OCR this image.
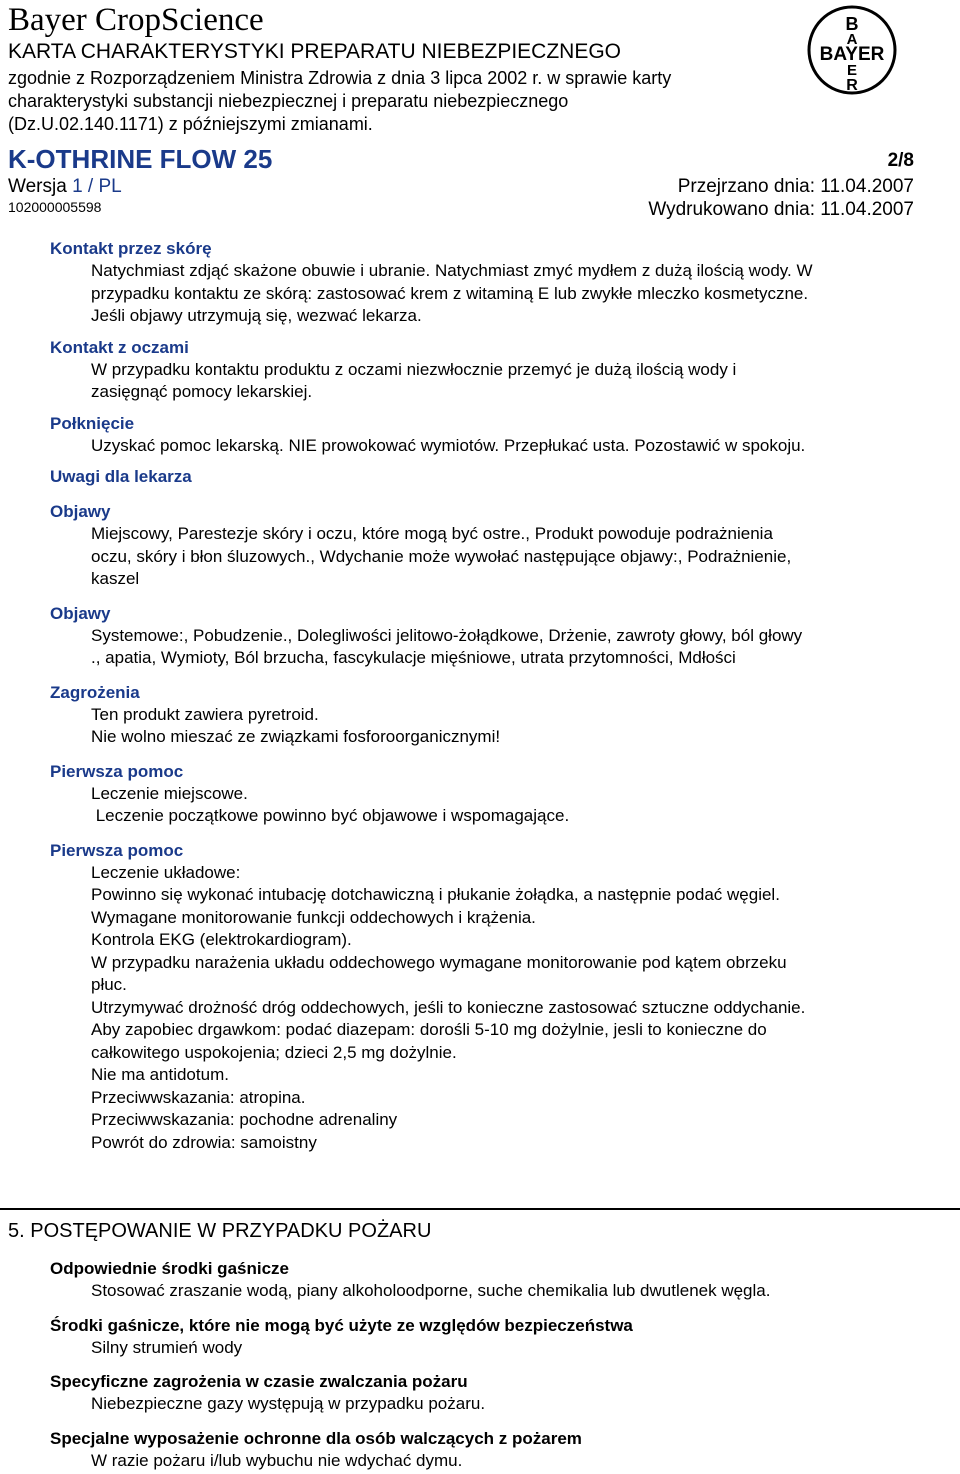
Bayer CropScience
KARTA CHARAKTERYSTYKI PREPARATU NIEBEZPIECZNEGO
zgodnie z Rozporządzeniem Ministra Zdrowia z dnia 3 lipca 2002 r. w sprawie karty
charakterystyki substancji niebezpiecznej i preparatu niebezpiecznego
(Dz.U.02.140.1171) z późniejszymi zmianami.
K-OTHRINE FLOW 25	2/8
Wersja 1 / PL
102000005598
Przejrzano dnia: 11.04.2007
Wydrukowano dnia: 11.04.2007
B
A
BAYER
E
R
Kontakt przez skórę
Natychmiast zdjąć skażone obuwie i ubranie. Natychmiast zmyć mydłem z dużą ilością wody. W
przypadku kontaktu ze skórą: zastosować krem z witaminą E lub zwykłe mleczko kosmetyczne.
Jeśli objawy utrzymują się, wezwać lekarza.
Kontakt z oczami
W przypadku kontaktu produktu z oczami niezwłocznie przemyć je dużą ilością wody i
zasięgnąć pomocy lekarskiej.
Połknięcie
Uzyskać pomoc lekarską. NIE prowokować wymiotów. Przepłukać usta. Pozostawić w spokoju.
Uwagi dla lekarza
Objawy
Miejscowy, Parestezje skóry i oczu, które mogą być ostre., Produkt powoduje podrażnienia
oczu, skóry i błon śluzowych., Wdychanie może wywołać następujące objawy:, Podrażnienie,
kaszel
Objawy
Systemowe:, Pobudzenie., Dolegliwości jelitowo-żołądkowe, Drżenie, zawroty głowy, ból głowy
., apatia, Wymioty, Ból brzucha, fascykulacje mięśniowe, utrata przytomności, Mdłości
Zagrożenia
Ten produkt zawiera pyretroid.
Nie wolno mieszać ze związkami fosforoorganicznymi!
Pierwsza pomoc
Leczenie miejscowe.
Leczenie początkowe powinno być objawowe i wspomagające.
Pierwsza pomoc
Leczenie układowe:
Powinno się wykonać intubację dotchawiczną i płukanie żołądka, a następnie podać węgiel.
Wymagane monitorowanie funkcji oddechowych i krążenia.
Kontrola EKG (elektrokardiogram).
W przypadku narażenia układu oddechowego wymagane monitorowanie pod kątem obrzeku
płuc.
Utrzymywać drożność dróg oddechowych, jeśli to konieczne zastosować sztuczne oddychanie.
Aby zapobiec drgawkom: podać diazepam: dorośli 5-10 mg dożylnie, jesli to konieczne do
całkowitego uspokojenia; dzieci 2,5 mg dożylnie.
Nie ma antidotum.
Przeciwwskazania: atropina.
Przeciwwskazania: pochodne adrenaliny
Powrót do zdrowia: samoistny
5. POSTĘPOWANIE W PRZYPADKU POŻARU
Odpowiednie środki gaśnicze
Stosować zraszanie wodą, piany alkoholoodporne, suche chemikalia lub dwutlenek węgla.
Środki gaśnicze, które nie mogą być użyte ze względów bezpieczeństwa
Silny strumień wody
Specyficzne zagrożenia w czasie zwalczania pożaru
Niebezpieczne gazy występują w przypadku pożaru.
Specjalne wyposażenie ochronne dla osób walczących z pożarem
W razie pożaru i/lub wybuchu nie wdychać dymu.
